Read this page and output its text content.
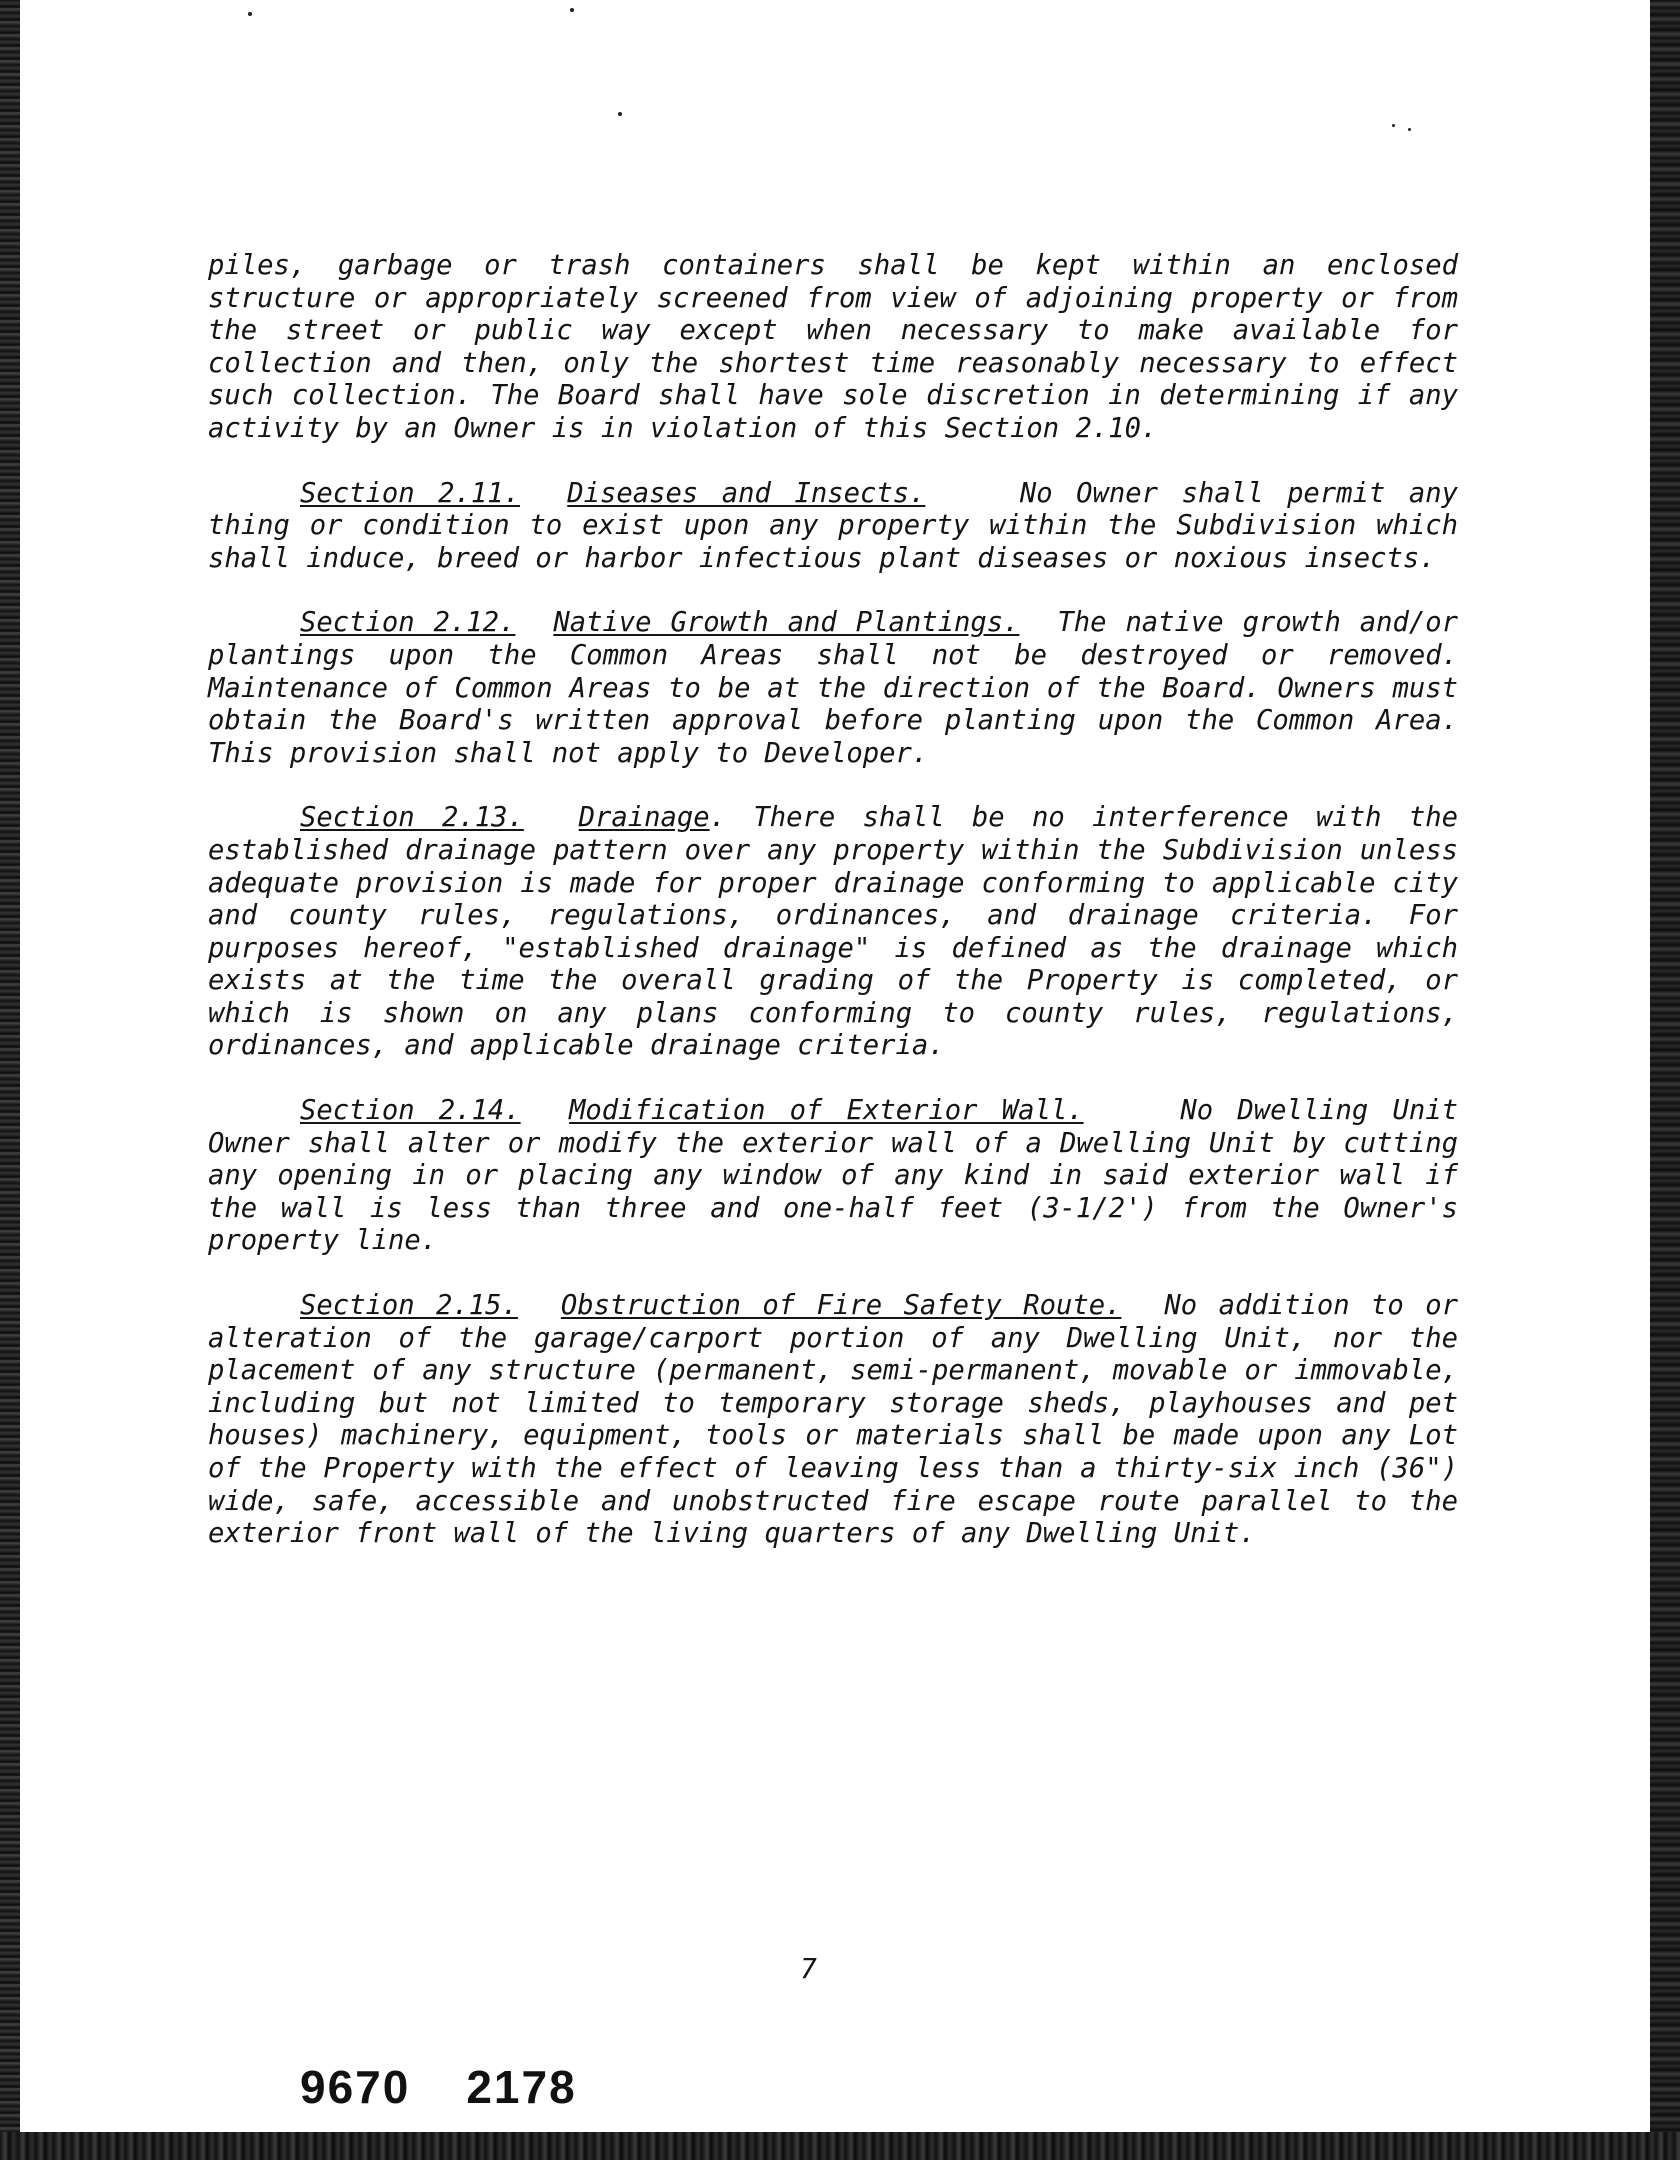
piles, garbage or trash containers shall be kept within an enclosed structure or appropriately screened from view of adjoining property or from the street or public way except when necessary to make available for collection and then, only the shortest time reasonably necessary to effect such collection. The Board shall have sole discretion in determining if any activity by an Owner is in violation of this Section 2.10.

Section 2.11. Diseases and Insects.	No Owner shall permit any thing or condition to exist upon any property within the Subdivision which shall induce, breed or harbor infectious plant diseases or noxious insects.

Section 2.12. Native Growth and Plantings. The native growth and/or plantings upon the Common Areas shall not be destroyed or removed. Maintenance of Common Areas to be at the direction of the Board. Owners must obtain the Board's written approval before planting upon the Common Area. This provision shall not apply to Developer.

Section 2.13. Drainage. There shall be no interference with the established drainage pattern over any property within the Subdivision unless adequate provision is made for proper drainage conforming to applicable city and county rules, regulations, ordinances, and drainage criteria. For purposes hereof, "established drainage" is defined as the drainage which exists at the time the overall grading of the Property is completed, or which is shown on any plans conforming to county rules, regulations, ordinances, and applicable drainage criteria.

Section 2.14. Modification of Exterior Wall.	No Dwelling Unit Owner shall alter or modify the exterior wall of a Dwelling Unit by cutting any opening in or placing any window of any kind in said exterior wall if the wall is less than three and one-half feet (3-1/2') from the Owner's property line.

Section 2.15. Obstruction of Fire Safety Route. No addition to or alteration of the garage/carport portion of any Dwelling Unit, nor the placement of any structure (permanent, semi-permanent, movable or immovable, including but not limited to temporary storage sheds, playhouses and pet houses) machinery, equipment, tools or materials shall be made upon any Lot of the Property with the effect of leaving less than a thirty-six inch (36") wide, safe, accessible and unobstructed fire escape route parallel to the exterior front wall of the living quarters of any Dwelling Unit.

7
9670 2178
